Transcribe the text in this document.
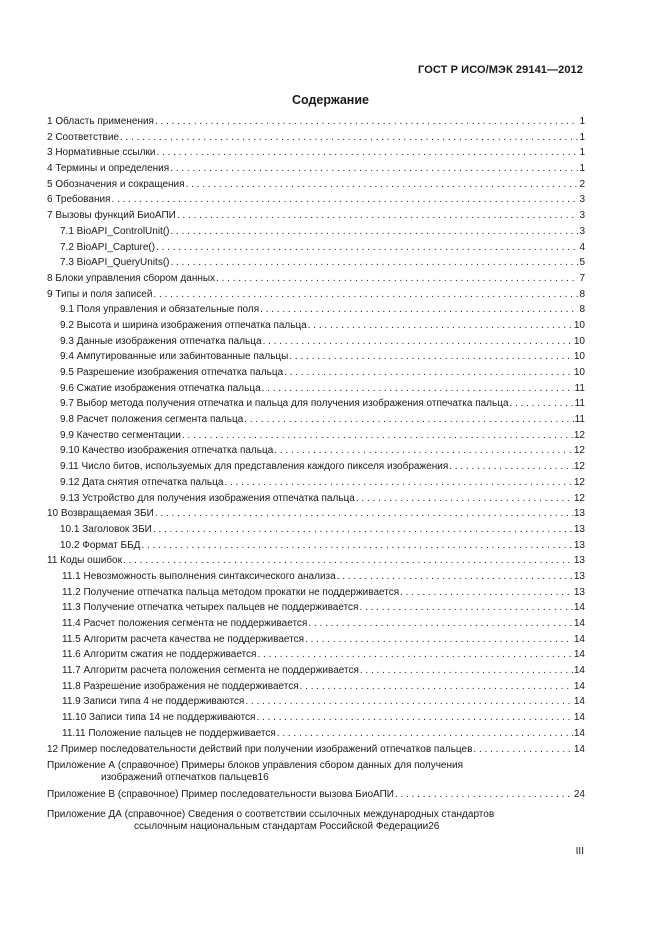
ГОСТ Р ИСО/МЭК 29141—2012
Содержание
1 Область применения . . .	1
2 Соответствие . . .	1
3 Нормативные ссылки . . .	1
4 Термины и определения . . .	1
5 Обозначения и сокращения . . .	2
6 Требования . . .	3
7 Вызовы функций БиоАПИ . . .	3
7.1 BioAPI_ControlUnit() . . .	3
7.2 BioAPI_Capture() . . .	4
7.3 BioAPI_QueryUnits() . . .	5
8 Блоки управления сбором данных . . .	7
9 Типы и поля записей . . .	8
9.1 Поля управления и обязательные поля . . .	8
9.2 Высота и ширина изображения отпечатка пальца . . .	10
9.3 Данные изображения отпечатка пальца . . .	10
9.4 Ампутированные или забинтованные пальцы . . .	10
9.5 Разрешение изображения отпечатка пальца . . .	10
9.6 Сжатие изображения отпечатка пальца . . .	11
9.7 Выбор метода получения отпечатка и пальца для получения изображения отпечатка пальца . . .	11
9.8 Расчет положения сегмента пальца . . .	11
9.9 Качество сегментации . . .	12
9.10 Качество изображения отпечатка пальца . . .	12
9.11 Число битов, используемых для представления каждого пикселя изображения . . .	12
9.12 Дата снятия отпечатка пальца . . .	12
9.13 Устройство для получения изображения отпечатка пальца . . .	12
10 Возвращаемая ЗБИ . . .	13
10.1 Заголовок ЗБИ . . .	13
10.2 Формат ББД . . .	13
11 Коды ошибок . . .	13
11.1 Невозможность выполнения синтаксического анализа . . .	13
11.2 Получение отпечатка пальца методом прокатки не поддерживается . . .	13
11.3 Получение отпечатка четырех пальцев не поддерживается . . .	14
11.4 Расчет положения сегмента не поддерживается . . .	14
11.5 Алгоритм расчета качества не поддерживается . . .	14
11.6 Алгоритм сжатия не поддерживается . . .	14
11.7 Алгоритм расчета положения сегмента не поддерживается . . .	14
11.8 Разрешение изображения не поддерживается . . .	14
11.9 Записи типа 4 не поддерживаются . . .	14
11.10 Записи типа 14 не поддерживаются . . .	14
11.11 Положение пальцев не поддерживается . . .	14
12 Пример последовательности действий при получении изображений отпечатков пальцев . . .	14
Приложение А (справочное) Примеры блоков управления сбором данных для получения
изображений отпечатков пальцев 16
Приложение В (справочное) Пример последовательности вызова БиоАПИ . . .	24
Приложение ДА (справочное) Сведения о соответствии ссылочных международных стандартов
ссылочным национальным стандартам Российской Федерации 26
III
